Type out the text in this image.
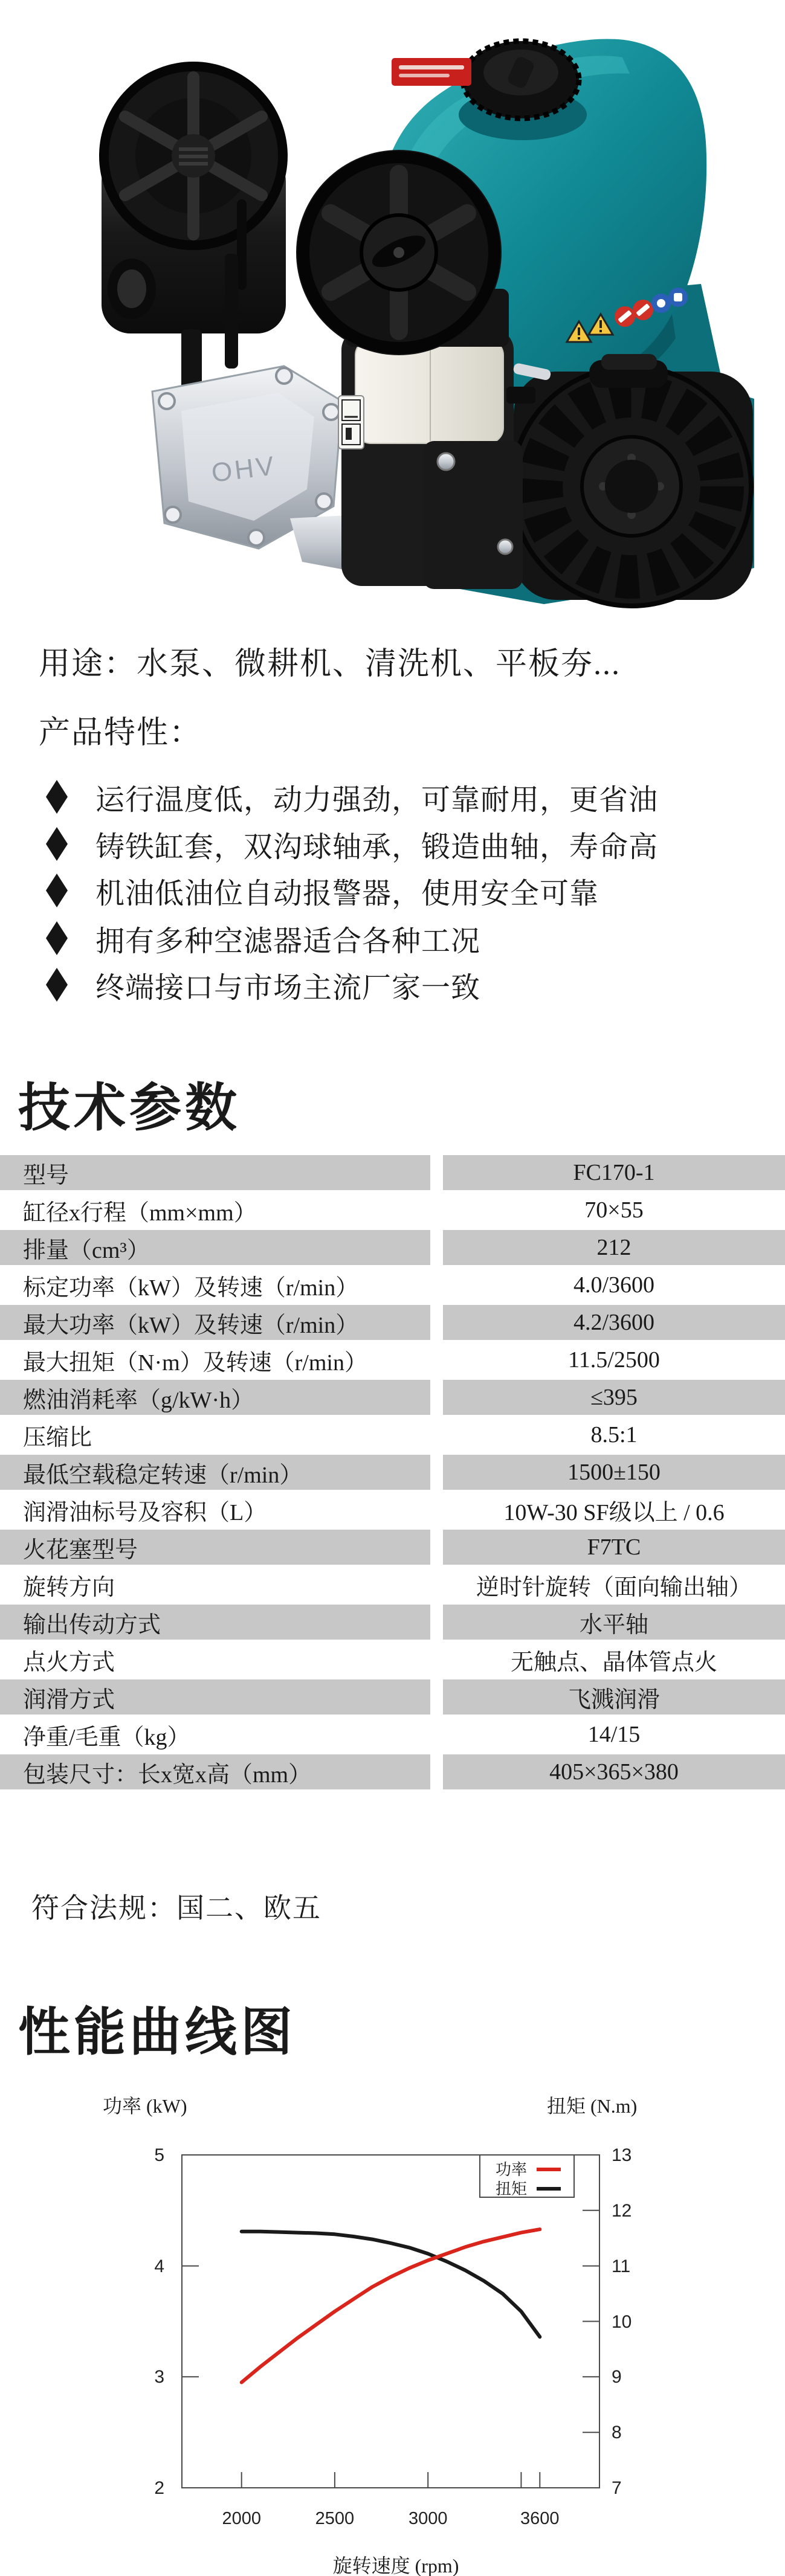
OHV
用途：水泵、微耕机、清洗机、平板夯...
产品特性：
运行温度低，动力强劲，可靠耐用，更省油
铸铁缸套，双沟球轴承，锻造曲轴，寿命高
机油低油位自动报警器，使用安全可靠
拥有多种空滤器适合各种工况
终端接口与市场主流厂家一致
技术参数
型号	FC170-1
缸径x行程（mm×mm）	70×55
排量（cm³）	212
标定功率（kW）及转速（r/min）	4.0/3600
最大功率（kW）及转速（r/min）	4.2/3600
最大扭矩（N·m）及转速（r/min）	11.5/2500
燃油消耗率（g/kW·h）	≤395
压缩比	8.5:1
最低空载稳定转速（r/min）	1500±150
润滑油标号及容积（L）	10W-30 SF级以上 / 0.6
火花塞型号	F7TC
旋转方向	逆时针旋转（面向输出轴）
输出传动方式	水平轴
点火方式	无触点、晶体管点火
润滑方式	飞溅润滑
净重/毛重（kg）	14/15
包装尺寸：长x宽x高（mm）	405×365×380
符合法规：国二、欧五
性能曲线图
功率 (kW)	扭矩 (N.m)
5
4
3
2
13
12
11
10
9
8
7
2000	2500	3000	3600
旋转速度 (rpm)
功率
扭矩
